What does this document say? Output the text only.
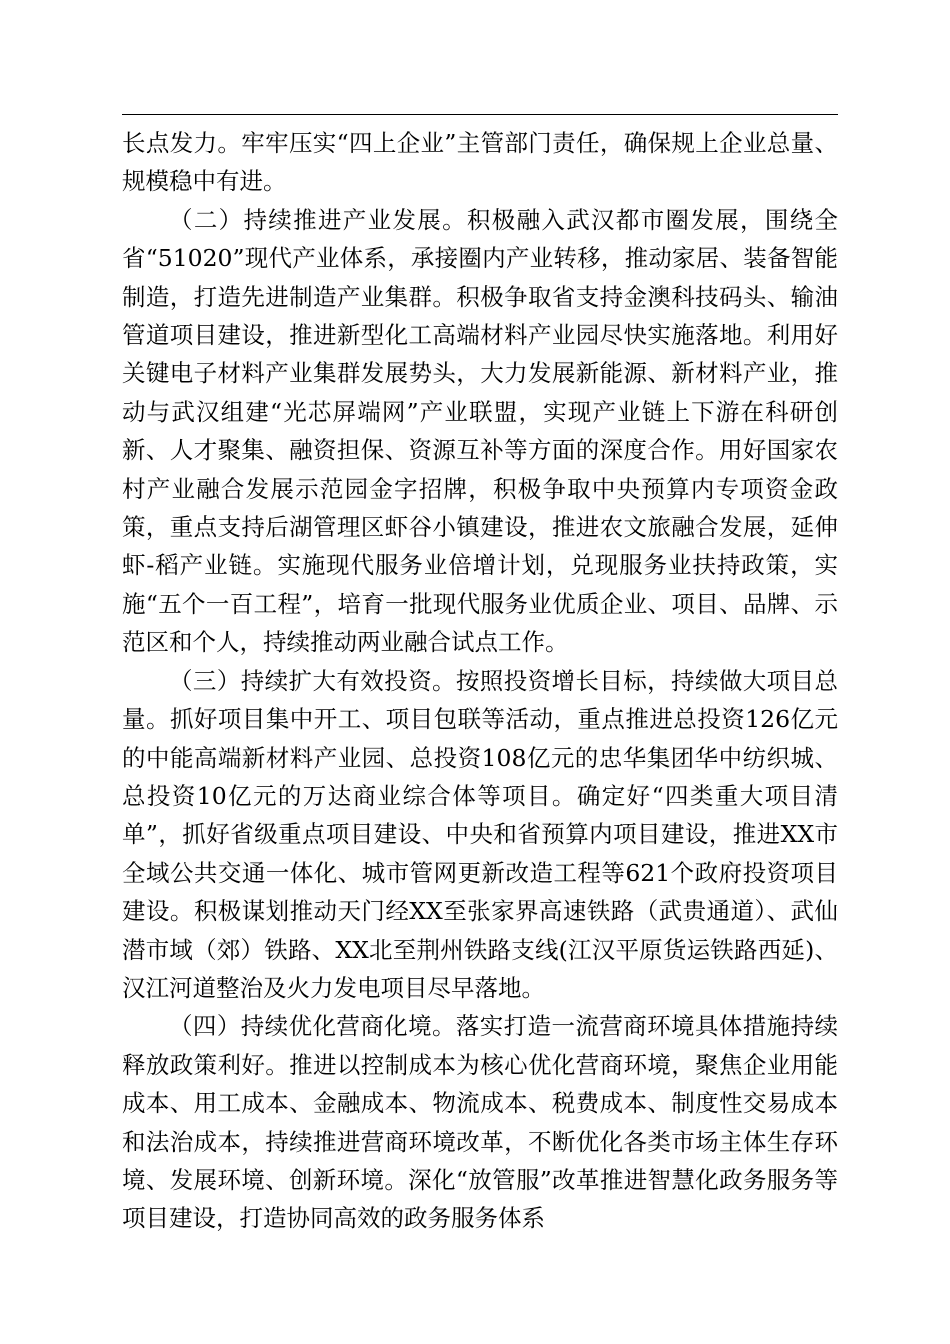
长点发力。牢牢压实“四上企业”主管部门责任，确保规上企业总量、规模稳中有进。

（二）持续推进产业发展。积极融入武汉都市圈发展，围绕全省“51020”现代产业体系，承接圈内产业转移，推动家居、装备智能制造，打造先进制造产业集群。积极争取省支持金澳科技码头、输油管道项目建设，推进新型化工高端材料产业园尽快实施落地。利用好关键电子材料产业集群发展势头，大力发展新能源、新材料产业，推动与武汉组建“光芯屏端网”产业联盟，实现产业链上下游在科研创新、人才聚集、融资担保、资源互补等方面的深度合作。用好国家农村产业融合发展示范园金字招牌，积极争取中央预算内专项资金政策，重点支持后湖管理区虾谷小镇建设，推进农文旅融合发展，延伸虾-稻产业链。实施现代服务业倍增计划，兑现服务业扶持政策，实施“五个一百工程”，培育一批现代服务业优质企业、项目、品牌、示范区和个人，持续推动两业融合试点工作。

（三）持续扩大有效投资。按照投资增长目标，持续做大项目总量。抓好项目集中开工、项目包联等活动，重点推进总投资126亿元的中能高端新材料产业园、总投资108亿元的忠华集团华中纺织城、总投资10亿元的万达商业综合体等项目。确定好“四类重大项目清单”，抓好省级重点项目建设、中央和省预算内项目建设，推进XX市全域公共交通一体化、城市管网更新改造工程等621个政府投资项目建设。积极谋划推动天门经XX至张家界高速铁路（武贵通道）、武仙潜市域（郊）铁路、XX北至荆州铁路支线(江汉平原货运铁路西延)、汉江河道整治及火力发电项目尽早落地。

（四）持续优化营商化境。落实打造一流营商环境具体措施持续释放政策利好。推进以控制成本为核心优化营商环境，聚焦企业用能成本、用工成本、金融成本、物流成本、税费成本、制度性交易成本和法治成本，持续推进营商环境改革，不断优化各类市场主体生存环境、发展环境、创新环境。深化“放管服”改革推进智慧化政务服务等项目建设，打造协同高效的政务服务体系
